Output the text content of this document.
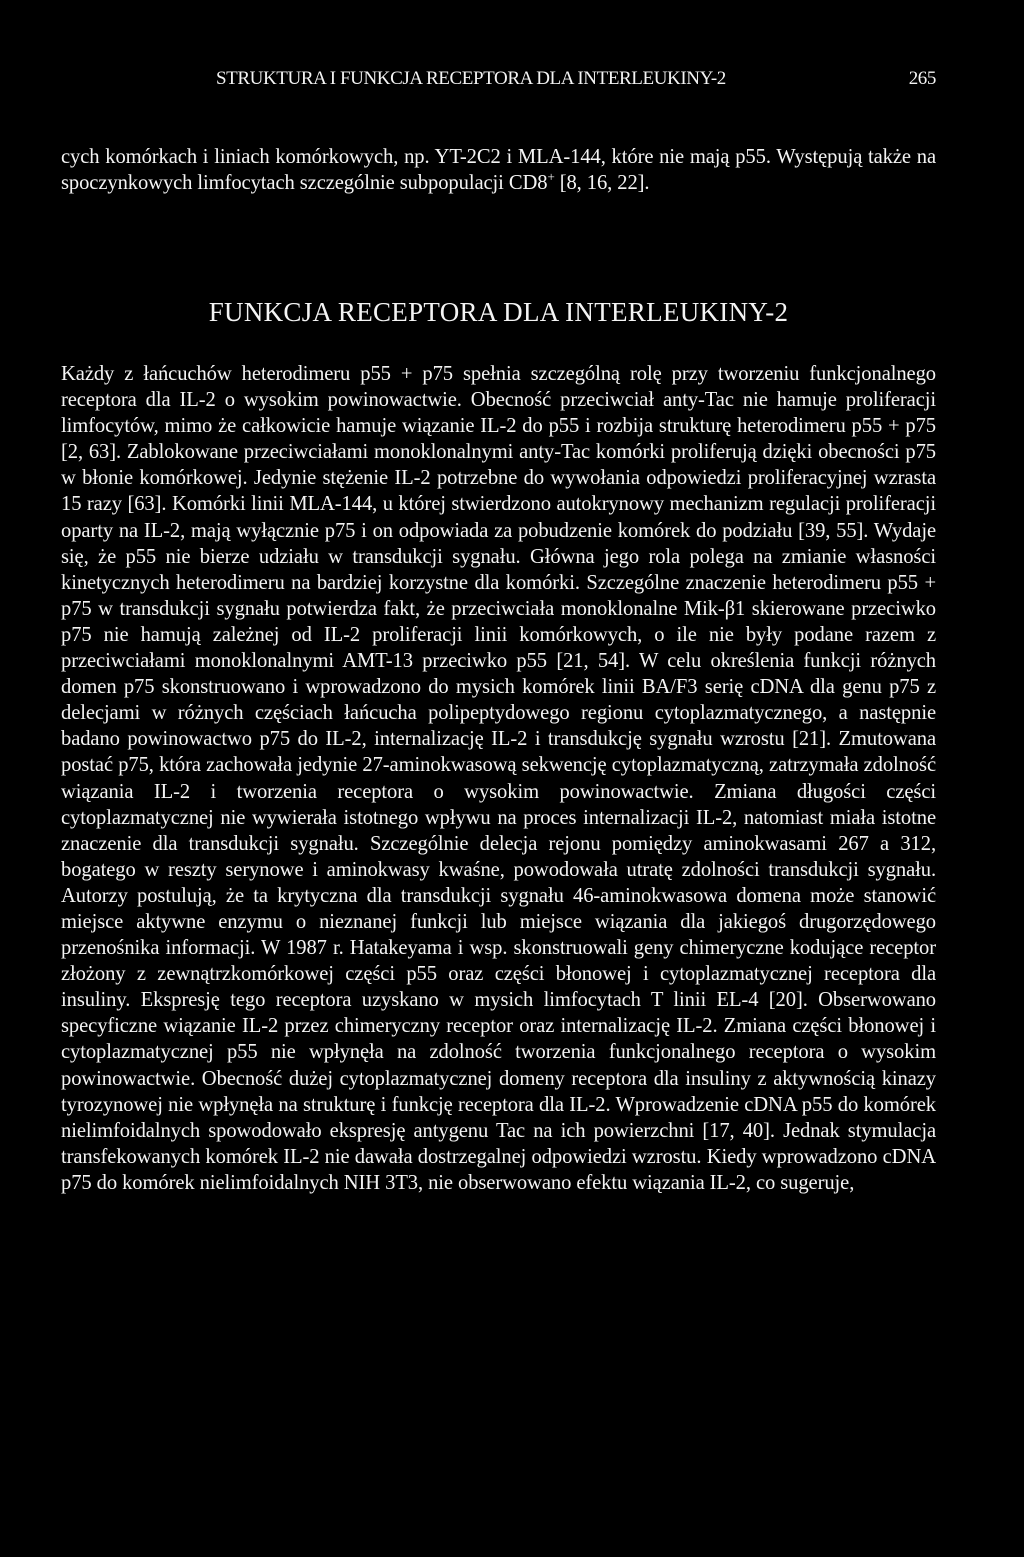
STRUKTURA I FUNKCJA RECEPTORA DLA INTERLEUKINY-2	265
cych komórkach i liniach komórkowych, np. YT-2C2 i MLA-144, które nie mają p55. Występują także na spoczynkowych limfocytach szczególnie subpopulacji CD8+ [8, 16, 22].
FUNKCJA RECEPTORA DLA INTERLEUKINY-2
Każdy z łańcuchów heterodimeru p55 + p75 spełnia szczególną rolę przy tworzeniu funkcjonalnego receptora dla IL-2 o wysokim powinowactwie. Obecność przeciwciał anty-Tac nie hamuje proliferacji limfocytów, mimo że całkowicie hamuje wiązanie IL-2 do p55 i rozbija strukturę heterodimeru p55 + p75 [2, 63]. Zablokowane przeciwciałami monoklonalnymi anty-Tac komórki proliferują dzięki obecności p75 w błonie komórkowej. Jedynie stężenie IL-2 potrzebne do wywołania odpowiedzi proliferacyjnej wzrasta 15 razy [63]. Komórki linii MLA-144, u której stwierdzono autokrynowy mechanizm regulacji proliferacji oparty na IL-2, mają wyłącznie p75 i on odpowiada za pobudzenie komórek do podziału [39, 55]. Wydaje się, że p55 nie bierze udziału w transdukcji sygnału. Główna jego rola polega na zmianie własności kinetycznych heterodimeru na bardziej korzystne dla komórki. Szczególne znaczenie heterodimeru p55 + p75 w transdukcji sygnału potwierdza fakt, że przeciwciała monoklonalne Mik-β1 skierowane przeciwko p75 nie hamują zależnej od IL-2 proliferacji linii komórkowych, o ile nie były podane razem z przeciwciałami monoklonalnymi AMT-13 przeciwko p55 [21, 54]. W celu określenia funkcji różnych domen p75 skonstruowano i wprowadzono do mysich komórek linii BA/F3 serię cDNA dla genu p75 z delecjami w różnych częściach łańcucha polipeptydowego regionu cytoplazmatycznego, a następnie badano powinowactwo p75 do IL-2, internalizację IL-2 i transdukcję sygnału wzrostu [21]. Zmutowana postać p75, która zachowała jedynie 27-aminokwasową sekwencję cytoplazmatyczną, zatrzymała zdolność wiązania IL-2 i tworzenia receptora o wysokim powinowactwie. Zmiana długości części cytoplazmatycznej nie wywierała istotnego wpływu na proces internalizacji IL-2, natomiast miała istotne znaczenie dla transdukcji sygnału. Szczególnie delecja rejonu pomiędzy aminokwasami 267 a 312, bogatego w reszty serynowe i aminokwasy kwaśne, powodowała utratę zdolności transdukcji sygnału. Autorzy postulują, że ta krytyczna dla transdukcji sygnału 46-aminokwasowa domena może stanowić miejsce aktywne enzymu o nieznanej funkcji lub miejsce wiązania dla jakiegoś drugorzędowego przenośnika informacji. W 1987 r. Hatakeyama i wsp. skonstruowali geny chimeryczne kodujące receptor złożony z zewnątrzkomórkowej części p55 oraz części błonowej i cytoplazmatycznej receptora dla insuliny. Ekspresję tego receptora uzyskano w mysich limfocytach T linii EL-4 [20]. Obserwowano specyficzne wiązanie IL-2 przez chimeryczny receptor oraz internalizację IL-2. Zmiana części błonowej i cytoplazmatycznej p55 nie wpłynęła na zdolność tworzenia funkcjonalnego receptora o wysokim powinowactwie. Obecność dużej cytoplazmatycznej domeny receptora dla insuliny z aktywnością kinazy tyrozynowej nie wpłynęła na strukturę i funkcję receptora dla IL-2. Wprowadzenie cDNA p55 do komórek nielimfoidalnych spowodowało ekspresję antygenu Tac na ich powierzchni [17, 40]. Jednak stymulacja transfekowanych komórek IL-2 nie dawała dostrzegalnej odpowiedzi wzrostu. Kiedy wprowadzono cDNA p75 do komórek nielimfoidalnych NIH 3T3, nie obserwowano efektu wiązania IL-2, co sugeruje,
